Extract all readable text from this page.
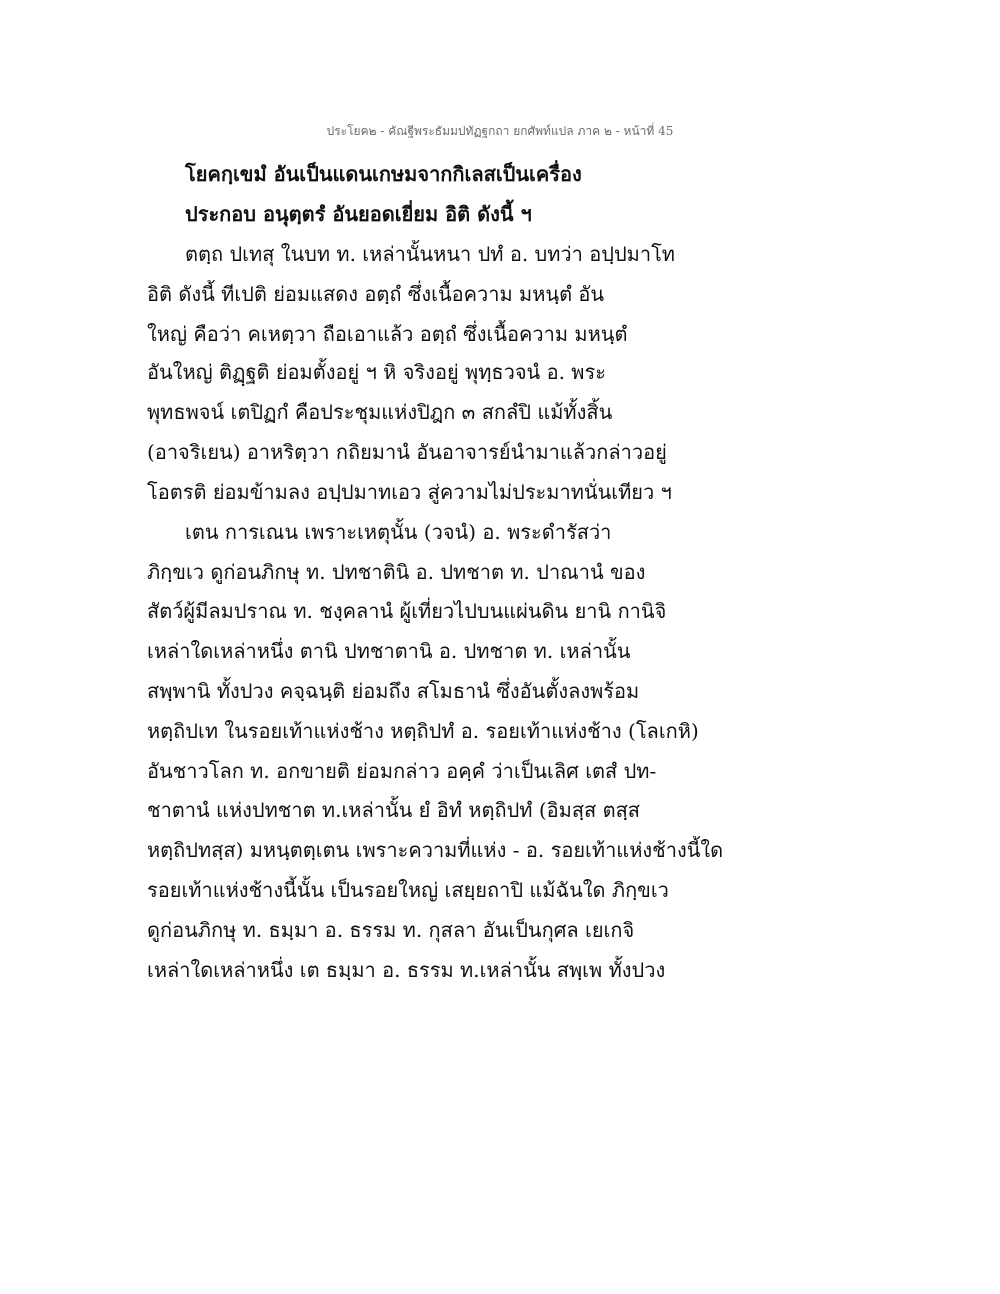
ประโยค๒ - คัณฐีพระธัมมปทัฏฐกถา ยกศัพท์แปล ภาค ๒ - หน้าที่ 45
โยคกฺเขมํ อันเป็นแดนเกษมจากกิเลสเป็นเครื่อง
ประกอบ อนุตฺตรํ อันยอดเยี่ยม อิติ ดังนี้ ฯ
ตตฺถ ปเทสุ ในบท ท. เหล่านั้นหนา ปทํ อ. บทว่า อปฺปมาโท
อิติ ดังนี้ ทีเปติ ย่อมแสดง อตฺถํ ซึ่งเนื้อความ มหนฺตํ อัน
ใหญ่ คือว่า คเหตฺวา ถือเอาแล้ว อตฺถํ ซึ่งเนื้อความ มหนฺตํ
อันใหญ่ ติฏฺฐติ ย่อมตั้งอยู่ ฯ หิ จริงอยู่ พุทฺธวจนํ อ. พระ
พุทธพจน์ เตปิฏกํ คือประชุมแห่งปิฎก ๓ สกลํปิ แม้ทั้งสิ้น
(อาจริเยน) อาหริตฺวา กถิยมานํ อันอาจารย์นำมาแล้วกล่าวอยู่
โอตรติ ย่อมข้ามลง อปฺปมาทเอว สู่ความไม่ประมาทนั่นเทียว ฯ
เตน การเณน เพราะเหตุนั้น (วจนํ) อ. พระดำรัสว่า
ภิกฺขเว ดูก่อนภิกษุ ท. ปทชาตินิ อ. ปทชาต ท. ปาณานํ ของ
สัตว์ผู้มีลมปราณ ท. ชงฺคลานํ ผู้เที่ยวไปบนแผ่นดิน ยานิ กานิจิ
เหล่าใดเหล่าหนึ่ง ตานิ ปทชาตานิ อ. ปทชาต ท. เหล่านั้น
สพฺพานิ ทั้งปวง คจฺฉนฺติ ย่อมถึง สโมธานํ ซึ่งอันตั้งลงพร้อม
หตฺถิปเท ในรอยเท้าแห่งช้าง หตฺถิปทํ อ. รอยเท้าแห่งช้าง (โลเกหิ)
อันชาวโลก ท. อกขายติ ย่อมกล่าว อคฺคํ ว่าเป็นเลิศ เตสํ ปท-
ชาตานํ แห่งปทชาต ท.เหล่านั้น ยํ อิทํ หตฺถิปทํ (อิมสฺส ตสฺส
หตฺถิปทสฺส) มหนฺตตฺเตน เพราะความที่แห่ง - อ. รอยเท้าแห่งช้างนี้ใด
รอยเท้าแห่งช้างนี้นั้น เป็นรอยใหญ่ เสยฺยถาปิ แม้ฉันใด ภิกฺขเว
ดูก่อนภิกษุ ท. ธมฺมา อ. ธรรม ท. กุสลา อันเป็นกุศล เยเกจิ
เหล่าใดเหล่าหนึ่ง เต ธมฺมา อ. ธรรม ท.เหล่านั้น สพฺเพ ทั้งปวง
